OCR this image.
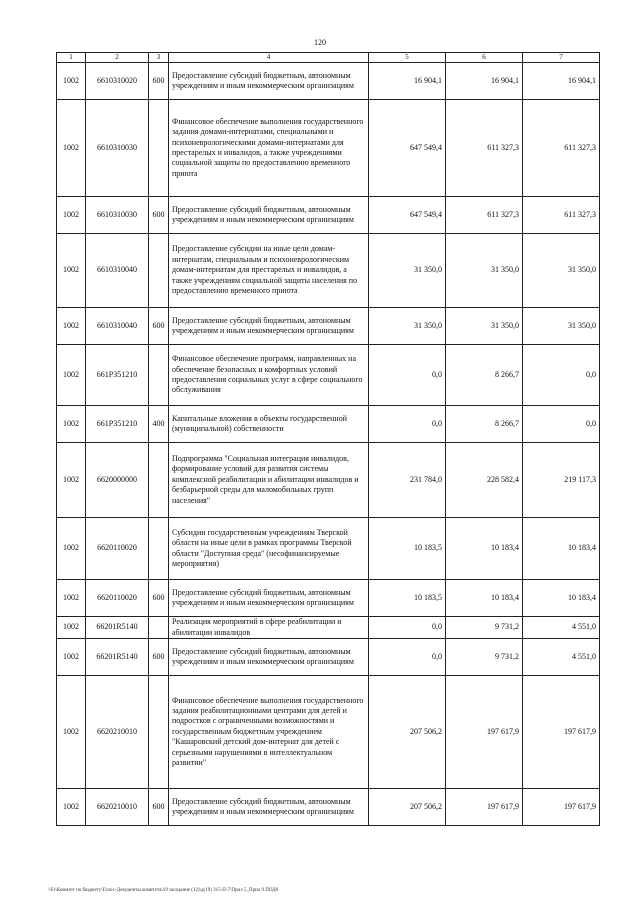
120
1	2	3	4	5	6	7
1002	6610310020	600	Предоставление субсидий бюджетным, автономным учреждениям и иным некоммерческим организациям	16 904,1	16 904,1	16 904,1
1002	6610310030		Финансовое обеспечение выполнения государственного задания домами-интернатами, специальными и психоневрологическими домами-интернатами для престарелых и инвалидов, а также учреждениями социальной защиты по предоставлению временного приюта	647 549,4	611 327,3	611 327,3
1002	6610310030	600	Предоставление субсидий бюджетным, автономным учреждениям и иным некоммерческим организациям	647 549,4	611 327,3	611 327,3
1002	6610310040		Предоставление субсидии на иные цели домам-интернатам, специальным и психоневрологическим домам-интернатам для престарелых и инвалидов, а также учреждениям социальной защиты населения по предоставлению временного приюта	31 350,0	31 350,0	31 350,0
1002	6610310040	600	Предоставление субсидий бюджетным, автономным учреждениям и иным некоммерческим организациям	31 350,0	31 350,0	31 350,0
1002	661P351210		Финансовое обеспечение программ, направленных на обеспечение безопасных и комфортных условий предоставления социальных услуг в сфере социального обслуживания	0,0	8 266,7	0,0
1002	661P351210	400	Капитальные вложения в объекты государственной (муниципальной) собственности	0,0	8 266,7	0,0
1002	6620000000		Подпрограмма "Социальная интеграция инвалидов, формирование условий для развития системы комплексной реабилитации и абилитации инвалидов и безбарьерной среды для маломобильных групп населения"	231 784,0	228 582,4	219 117,3
1002	6620110020		Субсидии государственным учреждениям Тверской области на иные цели в рамках программы Тверской области "Доступная среда" (несофинансируемые мероприятия)	10 183,5	10 183,4	10 183,4
1002	6620110020	600	Предоставление субсидий бюджетным, автономным учреждениям и иным некоммерческим организациям	10 183,5	10 183,4	10 183,4
1002	66201R5140		Реализация мероприятий в сфере реабилитации и абилитации инвалидов	0,0	9 731,2	4 551,0
1002	66201R5140	600	Предоставление субсидий бюджетным, автономным учреждениям и иным некоммерческим организациям	0,0	9 731,2	4 551,0
1002	6620210010		Финансовое обеспечение выполнения государственного задания реабилитационными центрами для детей и подростков с ограниченными возможностями и государственным бюджетным учреждением "Кашаровский детский дом-интернат для детей с серьезными нарушениями в интеллектуальном развитии"	207 506,2	197 617,9	197 617,9
1002	6620210010	600	Предоставление субсидий бюджетным, автономным учреждениям и иным некоммерческим организациям	207 506,2	197 617,9	197 617,9
\\Fs\Комитет по бюджету\Голос-Документы комитета\19 заседание (12)\д(19) 315-П-7\Прил 5_Прил 9 ПОД6
